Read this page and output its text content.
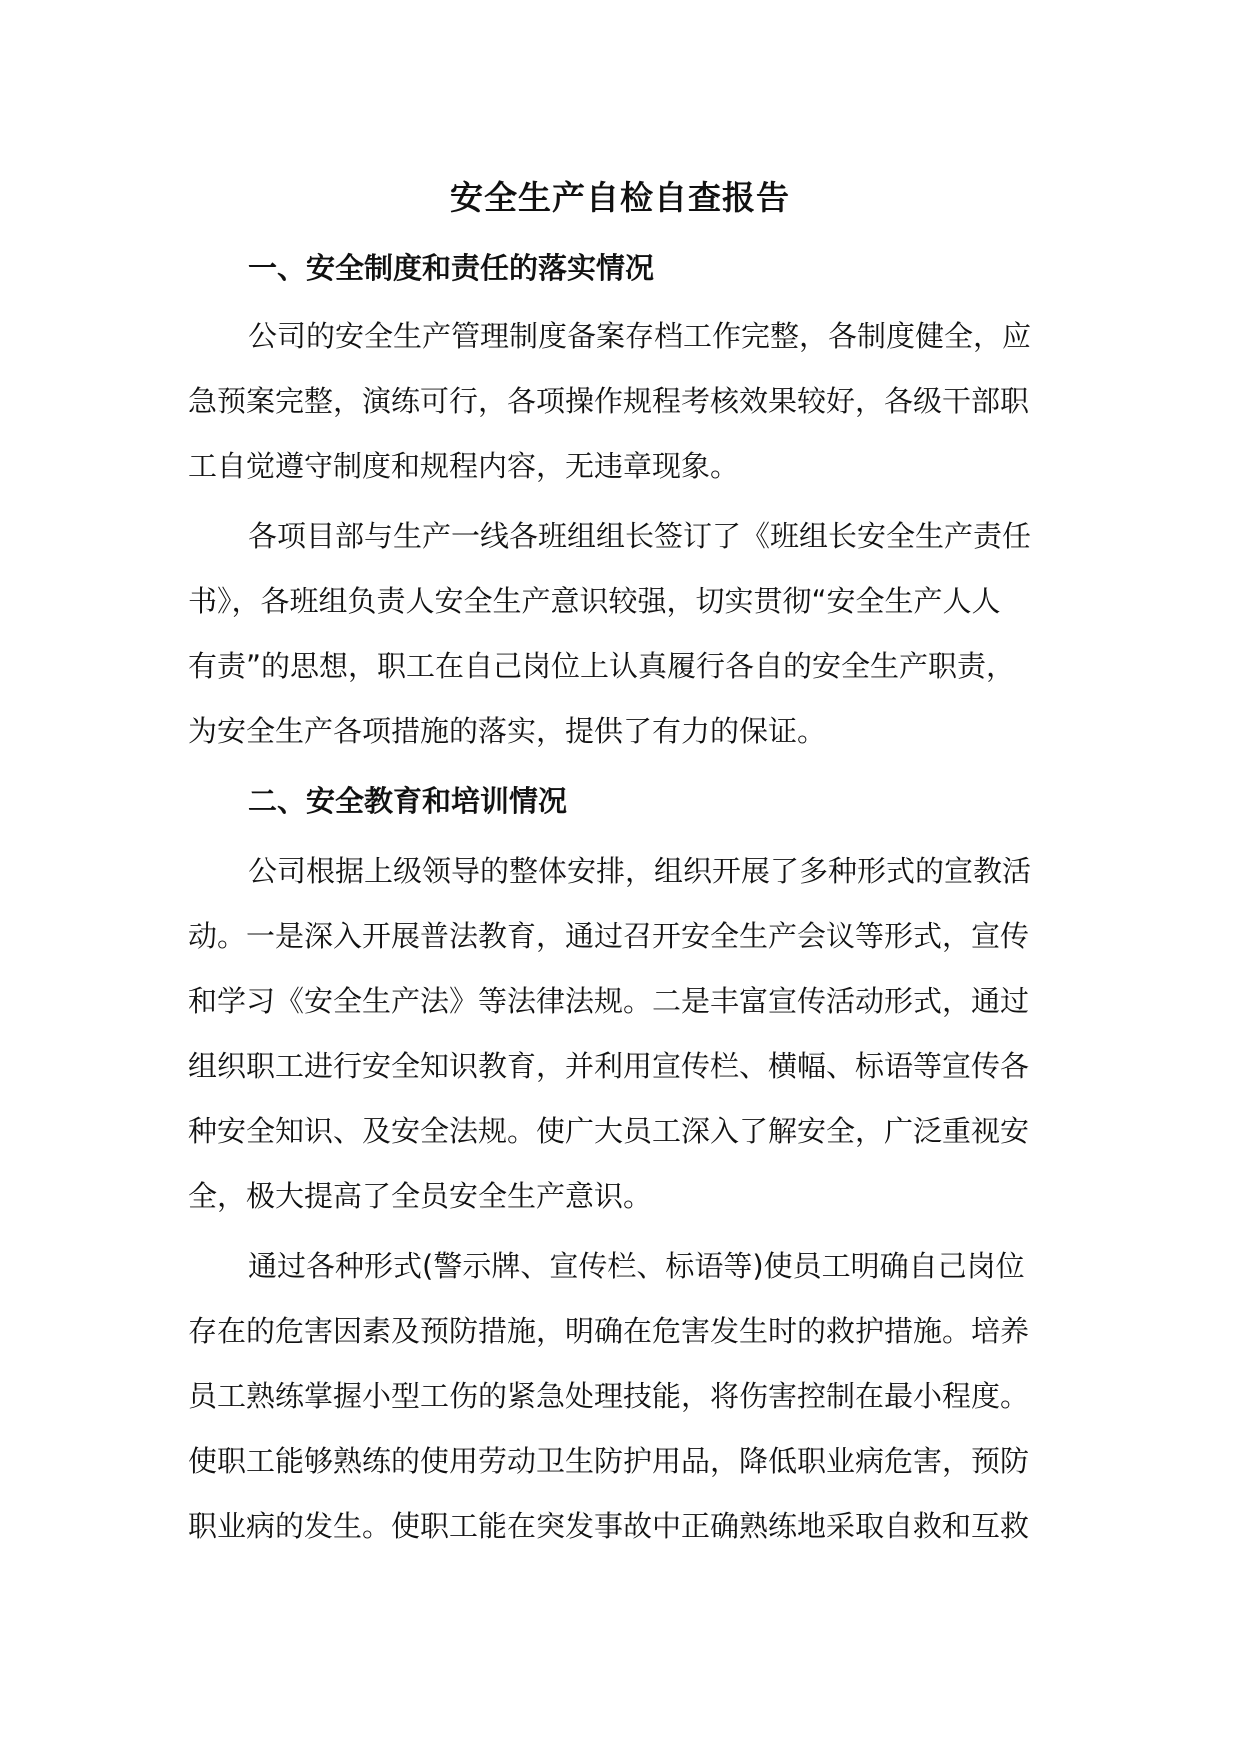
安全生产自检自查报告
一、安全制度和责任的落实情况
公司的安全生产管理制度备案存档工作完整，各制度健全，应
急预案完整，演练可行，各项操作规程考核效果较好，各级干部职
工自觉遵守制度和规程内容，无违章现象。
各项目部与生产一线各班组组长签订了《班组长安全生产责任
书》，各班组负责人安全生产意识较强，切实贯彻“安全生产人人
有责”的思想，职工在自己岗位上认真履行各自的安全生产职责，
为安全生产各项措施的落实，提供了有力的保证。
二、安全教育和培训情况
公司根据上级领导的整体安排，组织开展了多种形式的宣教活
动。一是深入开展普法教育，通过召开安全生产会议等形式，宣传
和学习《安全生产法》等法律法规。二是丰富宣传活动形式，通过
组织职工进行安全知识教育，并利用宣传栏、横幅、标语等宣传各
种安全知识、及安全法规。使广大员工深入了解安全，广泛重视安
全，极大提高了全员安全生产意识。
通过各种形式(警示牌、宣传栏、标语等)使员工明确自己岗位
存在的危害因素及预防措施，明确在危害发生时的救护措施。培养
员工熟练掌握小型工伤的紧急处理技能，将伤害控制在最小程度。
使职工能够熟练的使用劳动卫生防护用品，降低职业病危害，预防
职业病的发生。使职工能在突发事故中正确熟练地采取自救和互救
